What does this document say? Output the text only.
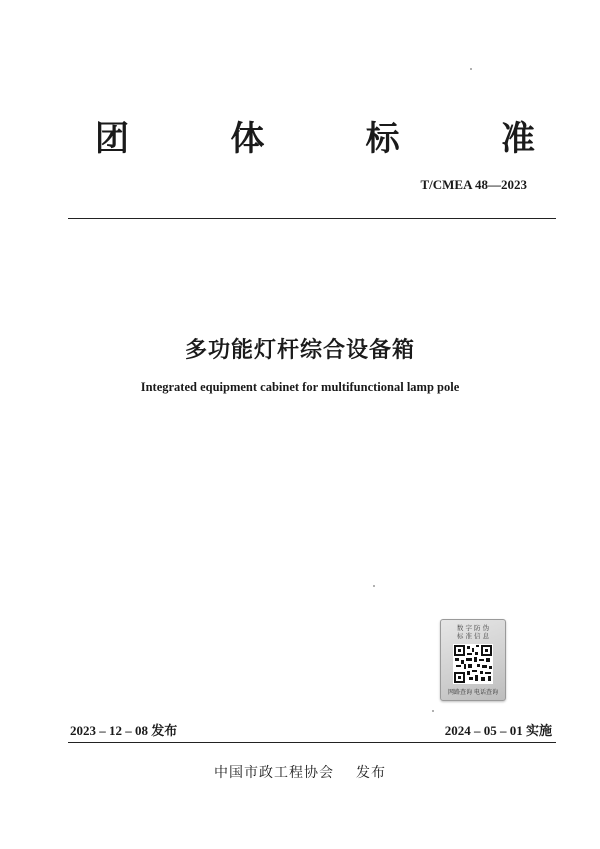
团	体	标	准
T/CMEA 48—2023
多功能灯杆综合设备箱
Integrated equipment cabinet for multifunctional lamp pole
数 字 防 伪
标 准 信 息
网路查询 电话查询
2023 – 12 – 08 发布	2024 – 05 – 01 实施
中国市政工程协会 发布
